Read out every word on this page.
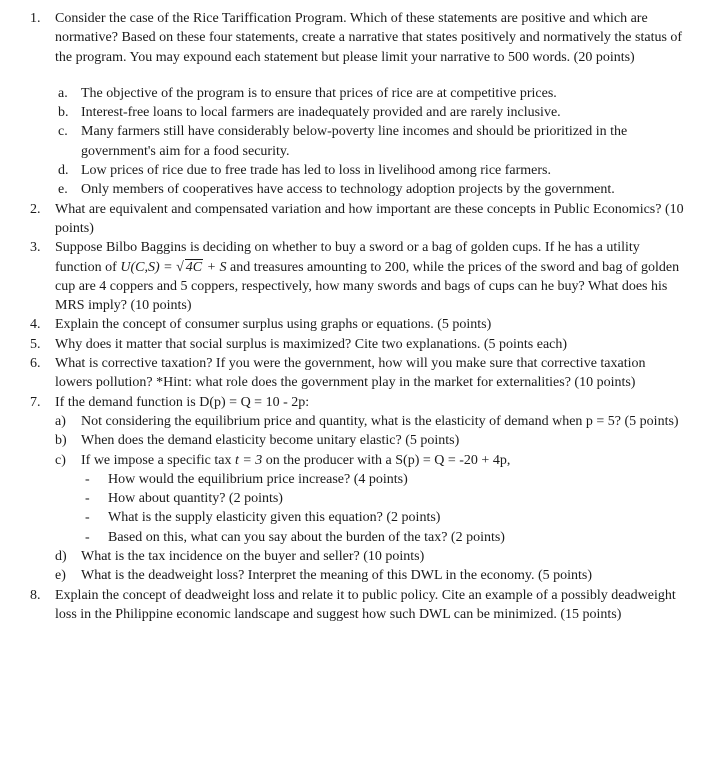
1. Consider the case of the Rice Tariffication Program. Which of these statements are positive and which are normative? Based on these four statements, create a narrative that states positively and normatively the status of the program. You may expound each statement but please limit your narrative to 500 words. (20 points)
a. The objective of the program is to ensure that prices of rice are at competitive prices.
b. Interest-free loans to local farmers are inadequately provided and are rarely inclusive.
c. Many farmers still have considerably below-poverty line incomes and should be prioritized in the government's aim for a food security.
d. Low prices of rice due to free trade has led to loss in livelihood among rice farmers.
e. Only members of cooperatives have access to technology adoption projects by the government.
2. What are equivalent and compensated variation and how important are these concepts in Public Economics? (10 points)
3. Suppose Bilbo Baggins is deciding on whether to buy a sword or a bag of golden cups. If he has a utility function of U(C,S) = √ 4C + S and treasures amounting to 200, while the prices of the sword and bag of golden cup are 4 coppers and 5 coppers, respectively, how many swords and bags of cups can he buy? What does his MRS imply? (10 points)
4. Explain the concept of consumer surplus using graphs or equations. (5 points)
5. Why does it matter that social surplus is maximized? Cite two explanations. (5 points each)
6. What is corrective taxation? If you were the government, how will you make sure that corrective taxation lowers pollution? *Hint: what role does the government play in the market for externalities? (10 points)
7. If the demand function is D(p) = Q = 10 - 2p:
a) Not considering the equilibrium price and quantity, what is the elasticity of demand when p = 5? (5 points)
b) When does the demand elasticity become unitary elastic? (5 points)
c) If we impose a specific tax t = 3 on the producer with a S(p) = Q = -20 + 4p,
- How would the equilibrium price increase? (4 points)
- How about quantity? (2 points)
- What is the supply elasticity given this equation? (2 points)
- Based on this, what can you say about the burden of the tax? (2 points)
d) What is the tax incidence on the buyer and seller? (10 points)
e) What is the deadweight loss? Interpret the meaning of this DWL in the economy. (5 points)
8. Explain the concept of deadweight loss and relate it to public policy. Cite an example of a possibly deadweight loss in the Philippine economic landscape and suggest how such DWL can be minimized. (15 points)
